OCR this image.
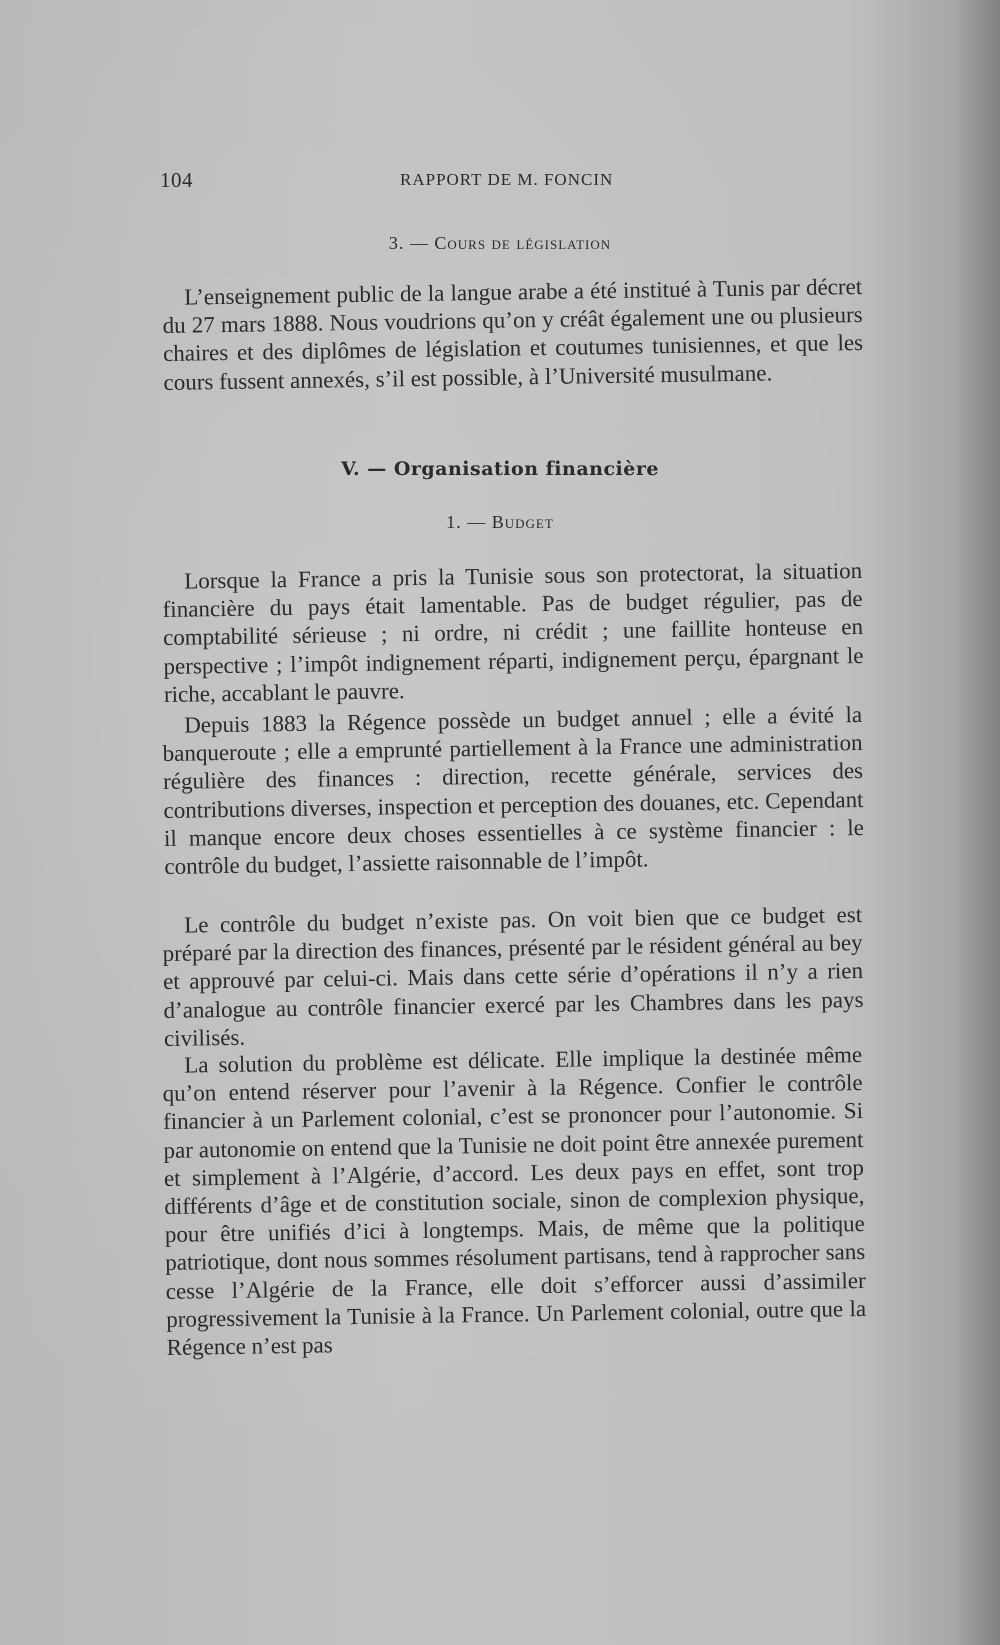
104	RAPPORT DE M. FONCIN
3. — Cours de législation

L’enseignement public de la langue arabe a été institué à Tunis par décret du 27 mars 1888. Nous voudrions qu’on y créât également une ou plusieurs chaires et des diplômes de législation et coutumes tunisiennes, et que les cours fussent annexés, s’il est possible, à l’Université musulmane.

V. — Organisation financière
1. — Budget

Lorsque la France a pris la Tunisie sous son protectorat, la situation financière du pays était lamentable. Pas de budget régulier, pas de comptabilité sérieuse ; ni ordre, ni crédit ; une faillite honteuse en perspective ; l’impôt indignement réparti, indignement perçu, épargnant le riche, accablant le pauvre.

Depuis 1883 la Régence possède un budget annuel ; elle a évité la banqueroute ; elle a emprunté partiellement à la France une administration régulière des finances : direction, recette générale, services des contributions diverses, inspection et perception des douanes, etc. Cependant il manque encore deux choses essentielles à ce système financier : le contrôle du budget, l’assiette raisonnable de l’impôt.

Le contrôle du budget n’existe pas. On voit bien que ce budget est préparé par la direction des finances, présenté par le résident général au bey et approuvé par celui-ci. Mais dans cette série d’opérations il n’y a rien d’analogue au contrôle financier exercé par les Chambres dans les pays civilisés.

La solution du problème est délicate. Elle implique la destinée même qu’on entend réserver pour l’avenir à la Régence. Confier le contrôle financier à un Parlement colonial, c’est se prononcer pour l’autonomie. Si par autonomie on entend que la Tunisie ne doit point être annexée purement et simplement à l’Algérie, d’accord. Les deux pays en effet, sont trop différents d’âge et de constitution sociale, sinon de complexion physique, pour être unifiés d’ici à longtemps. Mais, de même que la politique patriotique, dont nous sommes résolument partisans, tend à rapprocher sans cesse l’Algérie de la France, elle doit s’efforcer aussi d’assimiler progressivement la Tunisie à la France. Un Parlement colonial, outre que la Régence n’est pas
